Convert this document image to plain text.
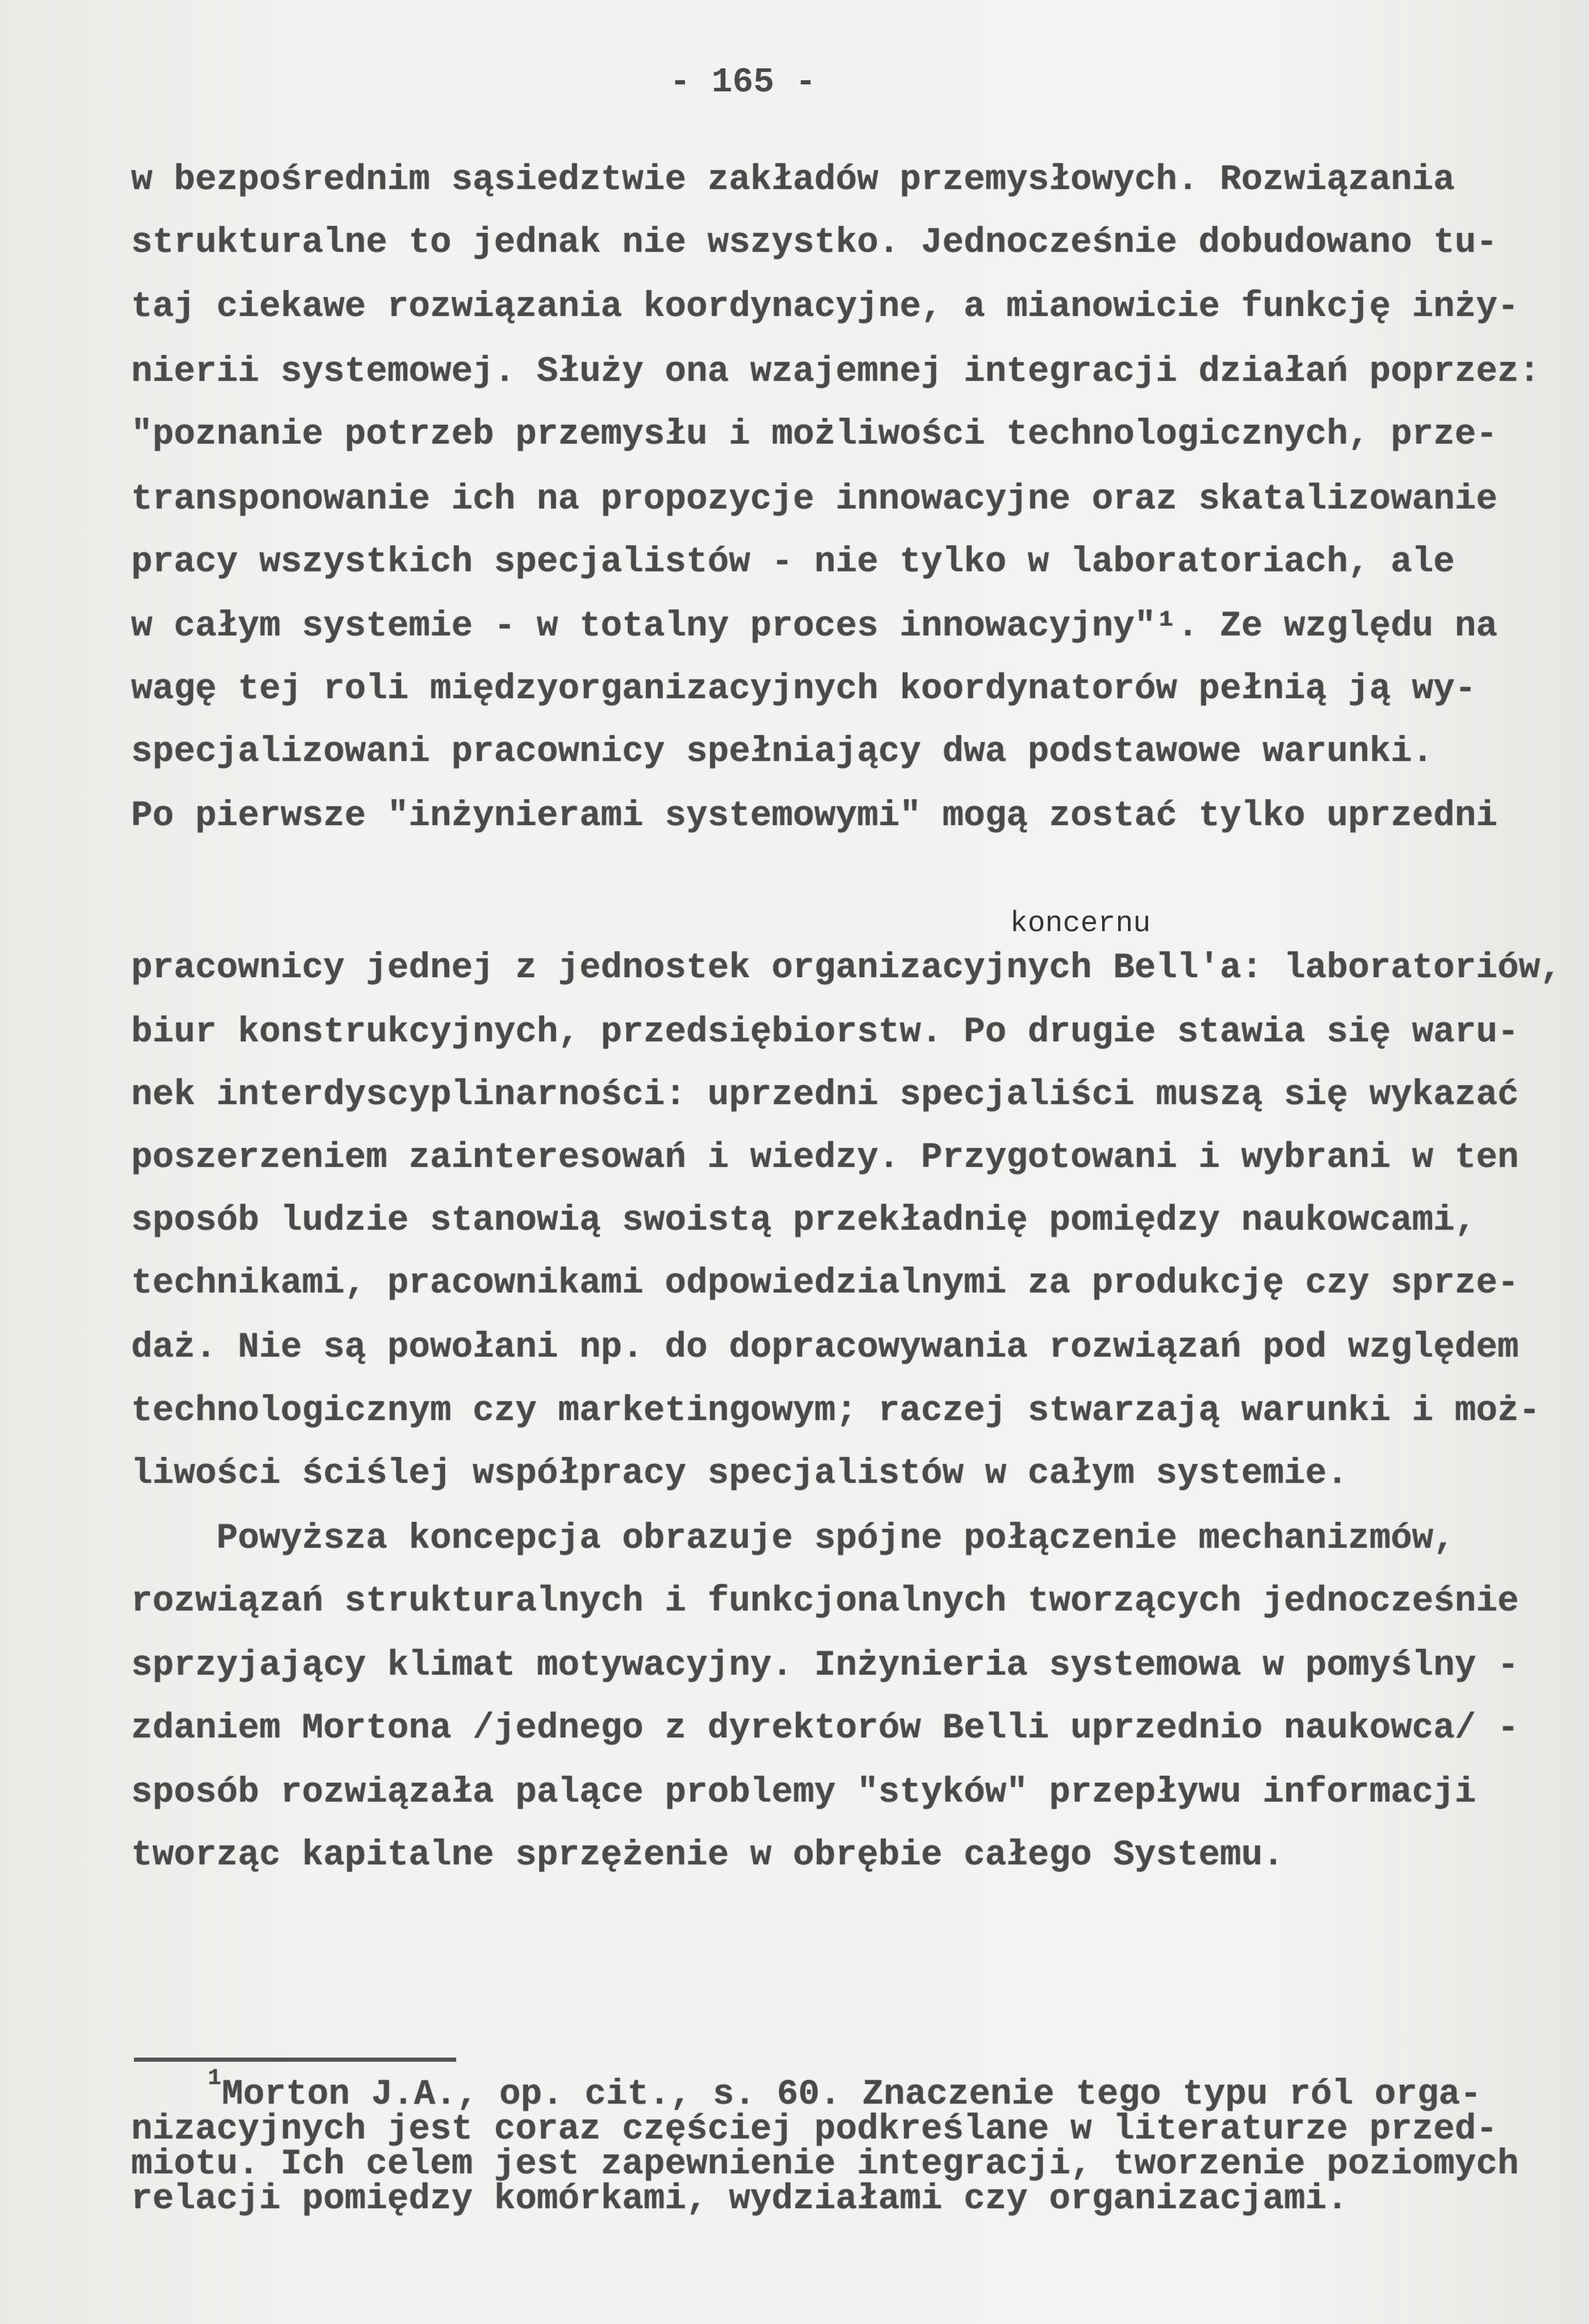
- 165 -
w bezpośrednim sąsiedztwie zakładów przemysłowych. Rozwiązania
strukturalne to jednak nie wszystko. Jednocześnie dobudowano tu-
taj ciekawe rozwiązania koordynacyjne, a mianowicie funkcję inży-
nierii systemowej. Służy ona wzajemnej integracji działań poprzez:
"poznanie potrzeb przemysłu i możliwości technologicznych, prze-
transponowanie ich na propozycje innowacyjne oraz skatalizowanie
pracy wszystkich specjalistów - nie tylko w laboratoriach, ale
w całym systemie - w totalny proces innowacyjny"¹. Ze względu na
wagę tej roli międzyorganizacyjnych koordynatorów pełnią ją wy-
specjalizowani pracownicy spełniający dwa podstawowe warunki.
Po pierwsze "inżynierami systemowymi" mogą zostać tylko uprzedni
pracownicy jednej z jednostek organizacyjnych Bell'a: laboratoriów,
biur konstrukcyjnych, przedsiębiorstw. Po drugie stawia się waru-
nek interdyscyplinarności: uprzedni specjaliści muszą się wykazać
poszerzeniem zainteresowań i wiedzy. Przygotowani i wybrani w ten
sposób ludzie stanowią swoistą przekładnię pomiędzy naukowcami,
technikami, pracownikami odpowiedzialnymi za produkcję czy sprze-
daż. Nie są powołani np. do dopracowywania rozwiązań pod względem
technologicznym czy marketingowym; raczej stwarzają warunki i moż-
liwości ściślej współpracy specjalistów w całym systemie.
Powyższa koncepcja obrazuje spójne połączenie mechanizmów,
rozwiązań strukturalnych i funkcjonalnych tworzących jednocześnie
sprzyjający klimat motywacyjny. Inżynieria systemowa w pomyślny -
zdaniem Mortona /jednego z dyrektorów Belli uprzednio naukowca/ -
sposób rozwiązała palące problemy "styków" przepływu informacji
tworząc kapitalne sprzężenie w obrębie całego Systemu.
koncernu
1 Morton J.A., op. cit., s. 60. Znaczenie tego typu ról orga-
nizacyjnych jest coraz częściej podkreślane w literaturze przed-
miotu. Ich celem jest zapewnienie integracji, tworzenie poziomych
relacji pomiędzy komórkami, wydziałami czy organizacjami.
